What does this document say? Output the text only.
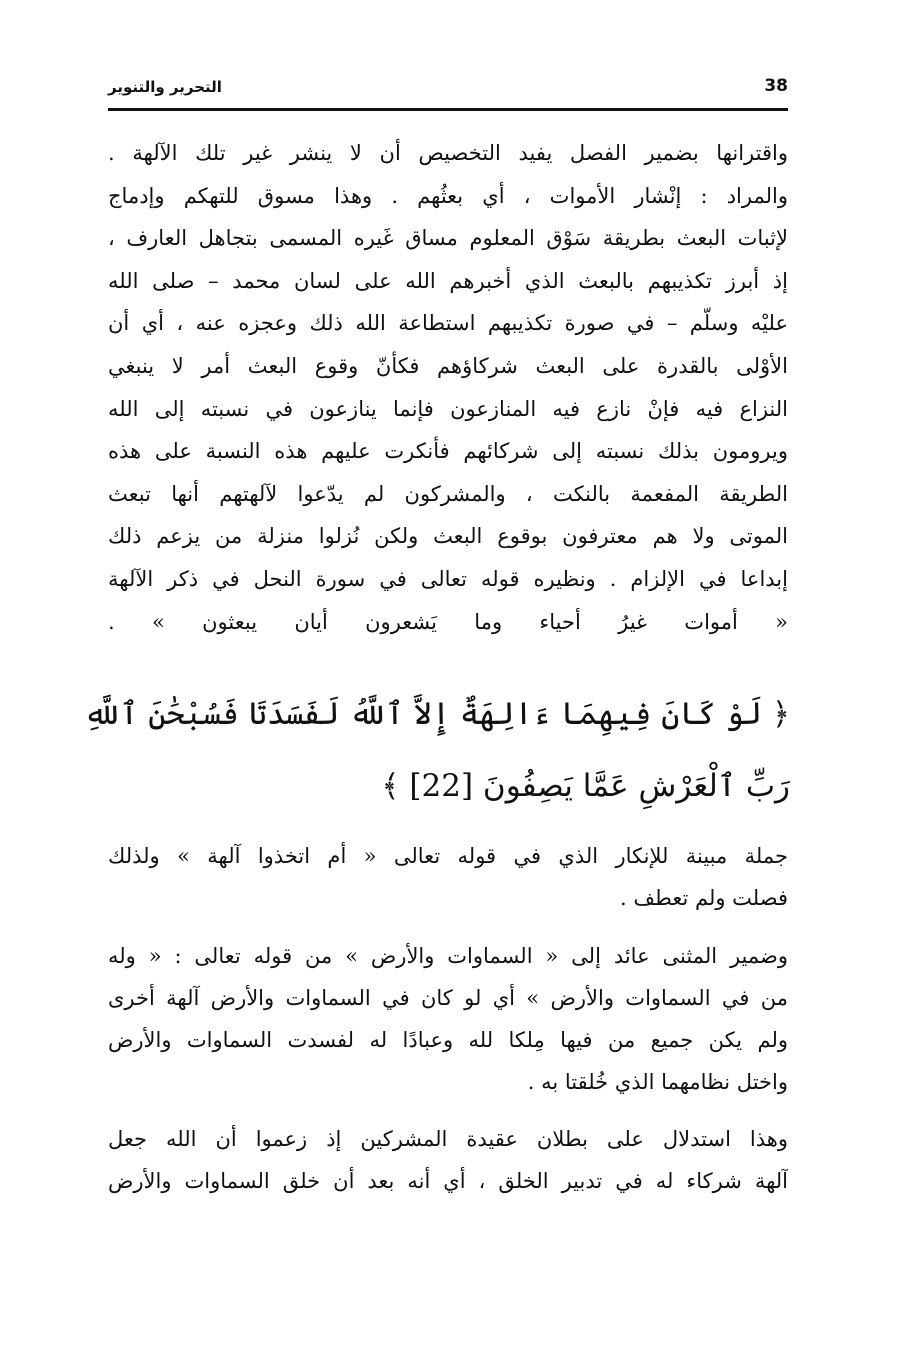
38
التحرير والتنوير
واقترانها بضمير الفصل يفيد التخصيص أن لا ينشر غير تلك الآلهة .
والمراد : إنْشار الأموات ، أي بعثُهم . وهذا مسوق للتهكم وإدماج
لإثبات البعث بطريقة سَوْق المعلوم مساق غَيره المسمى بتجاهل العارف ،
إذ أبرز تكذيبهم بالبعث الذي أخبرهم الله على لسان محمد – صلى الله
عليْه وسلّم – في صورة تكذيبهم استطاعة الله ذلك وعجزه عنه ، أي أن
الأوْلى بالقدرة على البعث شركاؤهم فكأنّ وقوع البعث أمر لا ينبغي
النزاع فيه فإنْ نازع فيه المنازعون فإنما ينازعون في نسبته إلى الله
ويرومون بذلك نسبته إلى شركائهم فأنكرت عليهم هذه النسبة على هذه
الطريقة المفعمة بالنكت ، والمشركون لم يدّعوا لآلهتهم أنها تبعث
الموتى ولا هم معترفون بوقوع البعث ولكن نُزلوا منزلة من يزعم ذلك
إبداعا في الإلزام . ونظيره قوله تعالى في سورة النحل في ذكر الآلهة
« أموات غيرُ أحياء وما يَشعرون أيان يبعثون » .
﴿ لَوْ كَانَ فِيهِمَا ءَالِهَةٌ إِلاَّ ٱللَّهُ لَفَسَدَتَا فَسُبْحَٰنَ ٱللَّهِ
رَبِّ ٱلْعَرْشِ عَمَّا يَصِفُونَ [22] ﴾
جملة مبينة للإنكار الذي في قوله تعالى « أم اتخذوا آلهة » ولذلك
فصلت ولم تعطف .
وضمير المثنى عائد إلى « السماوات والأرض » من قوله تعالى : « وله
من في السماوات والأرض » أي لو كان في السماوات والأرض آلهة أخرى
ولم يكن جميع من فيها مِلكا لله وعبادًا له لفسدت السماوات والأرض
واختل نظامهما الذي خُلقتا به .
وهذا استدلال على بطلان عقيدة المشركين إذ زعموا أن الله جعل
آلهة شركاء له في تدبير الخلق ، أي أنه بعد أن خلق السماوات والأرض
